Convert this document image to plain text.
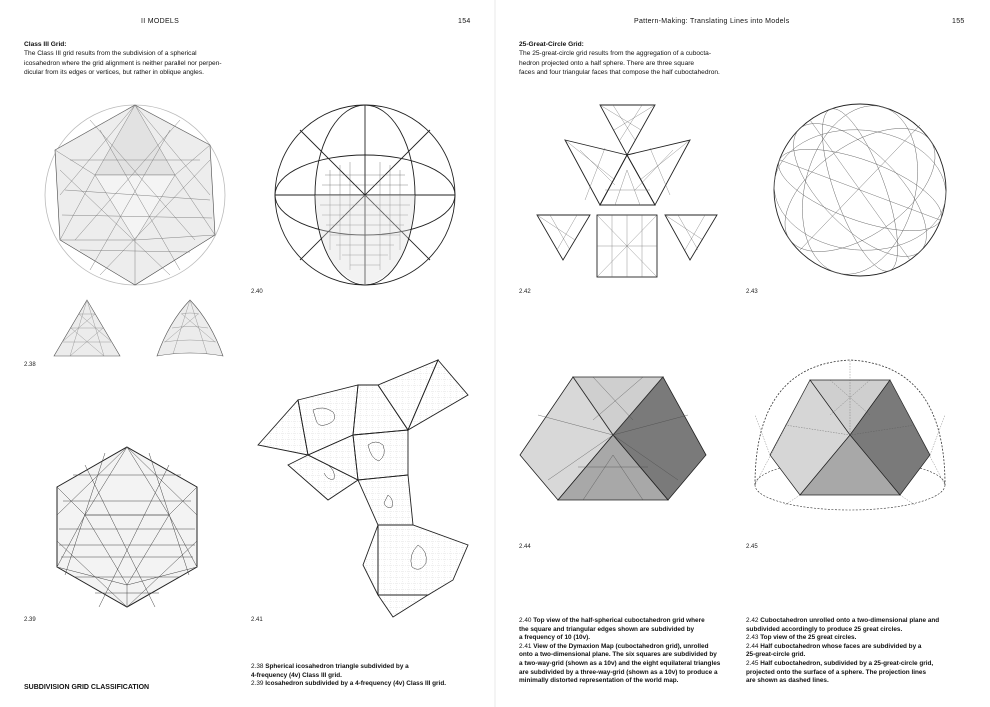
II MODELS	154
Class III Grid:
The Class III grid results from the subdivision of a spherical
icosahedron where the grid alignment is neither parallel nor perpen-
dicular from its edges or vertices, but rather in oblique angles.
2.38
2.40
2.39	2.41
SUBDIVISION GRID CLASSIFICATION
2.38 Spherical icosahedron triangle subdivided by a
4-frequency (4v) Class III grid.
2.39 Icosahedron subdivided by a 4-frequency (4v) Class III grid.
Pattern-Making: Translating Lines into Models	155
25-Great-Circle Grid:
The 25-great-circle grid results from the aggregation of a cubocta-
hedron projected onto a half sphere. There are three square
faces and four triangular faces that compose the half cuboctahedron.
2.42	2.43
2.44	2.45
2.40 Top view of the half-spherical cuboctahedron grid where
the square and triangular edges shown are subdivided by
a frequency of 10 (10v).
2.41 View of the Dymaxion Map (cuboctahedron grid), unrolled
onto a two-dimensional plane. The six squares are subdivided by
a two-way-grid (shown as a 10v) and the eight equilateral triangles
are subdivided by a three-way-grid (shown as a 10v) to produce a
minimally distorted representation of the world map.
2.42 Cuboctahedron unrolled onto a two-dimensional plane and
subdivided accordingly to produce 25 great circles.
2.43 Top view of the 25 great circles.
2.44 Half cuboctahedron whose faces are subdivided by a
25-great-circle grid.
2.45 Half cuboctahedron, subdivided by a 25-great-circle grid,
projected onto the surface of a sphere. The projection lines
are shown as dashed lines.
